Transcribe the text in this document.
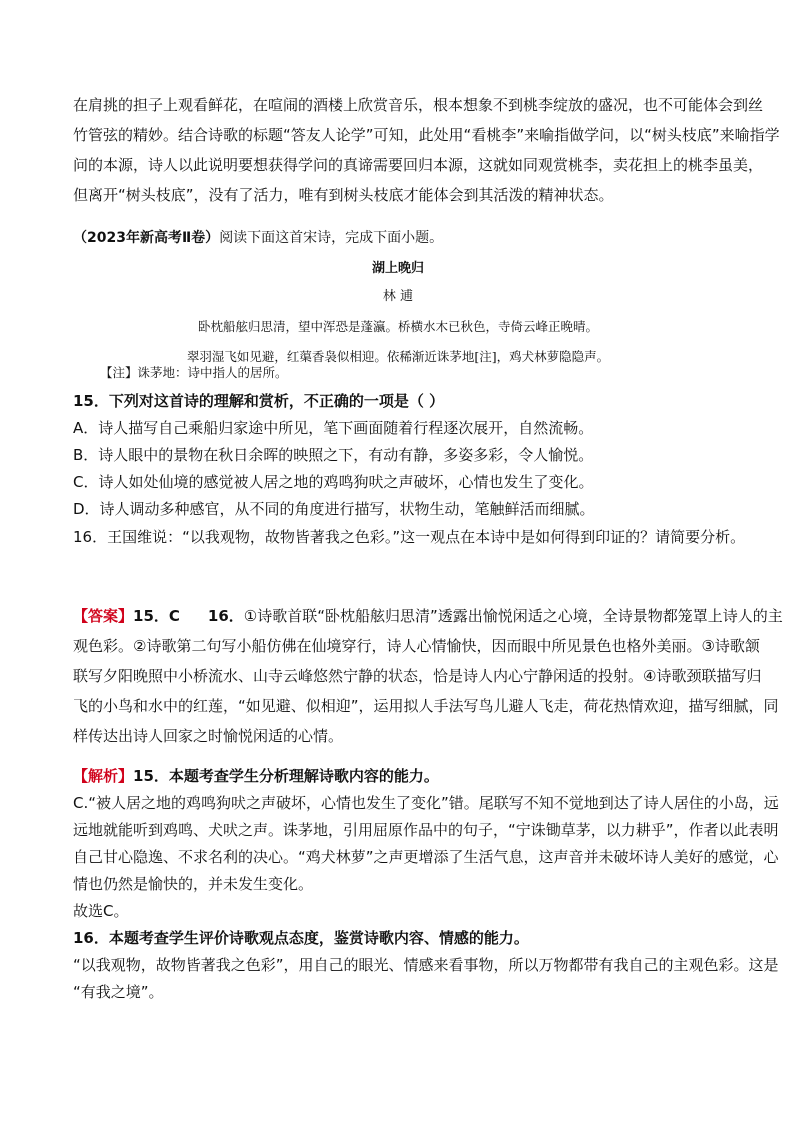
在肩挑的担子上观看鲜花，在喧闹的酒楼上欣赏音乐，根本想象不到桃李绽放的盛况，也不可能体会到丝

竹管弦的精妙。结合诗歌的标题“答友人论学”可知，此处用“看桃李”来喻指做学问，以“树头枝底”来喻指学

问的本源，诗人以此说明要想获得学问的真谛需要回归本源，这就如同观赏桃李，卖花担上的桃李虽美，

但离开“树头枝底”，没有了活力，唯有到树头枝底才能体会到其活泼的精神状态。

（2023年新高考Ⅱ卷）阅读下面这首宋诗，完成下面小题。

湖上晚归
林 逋
卧枕船舷归思清，望中浑恐是蓬瀛。桥横水木已秋色，寺倚云峰正晚晴。
翠羽湿飞如见避，红蕖香袅似相迎。依稀渐近诛茅地[注]，鸡犬林萝隐隐声。
【注】诛茅地：诗中指人的居所。

15．下列对这首诗的理解和赏析，不正确的一项是（ ）

A．诗人描写自己乘船归家途中所见，笔下画面随着行程逐次展开，自然流畅。

B．诗人眼中的景物在秋日余晖的映照之下，有动有静，多姿多彩，令人愉悦。

C．诗人如处仙境的感觉被人居之地的鸡鸣狗吠之声破坏，心情也发生了变化。

D．诗人调动多种感官，从不同的角度进行描写，状物生动，笔触鲜活而细腻。

16．王国维说：“以我观物，故物皆著我之色彩。”这一观点在本诗中是如何得到印证的？请简要分析。

【答案】15．C 16．①诗歌首联“卧枕船舷归思清”透露出愉悦闲适之心境，全诗景物都笼罩上诗人的主

观色彩。②诗歌第二句写小船仿佛在仙境穿行，诗人心情愉快，因而眼中所见景色也格外美丽。③诗歌颔

联写夕阳晚照中小桥流水、山寺云峰悠然宁静的状态，恰是诗人内心宁静闲适的投射。④诗歌颈联描写归

飞的小鸟和水中的红莲，“如见避、似相迎”，运用拟人手法写鸟儿避人飞走，荷花热情欢迎，描写细腻，同

样传达出诗人回家之时愉悦闲适的心情。

【解析】15．本题考查学生分析理解诗歌内容的能力。

C.“被人居之地的鸡鸣狗吠之声破坏，心情也发生了变化”错。尾联写不知不觉地到达了诗人居住的小岛，远

远地就能听到鸡鸣、犬吠之声。诛茅地，引用屈原作品中的句子，“宁诛锄草茅，以力耕乎”，作者以此表明

自己甘心隐逸、不求名利的决心。“鸡犬林萝”之声更增添了生活气息，这声音并未破坏诗人美好的感觉，心

情也仍然是愉快的，并未发生变化。

故选C。

16．本题考查学生评价诗歌观点态度，鉴赏诗歌内容、情感的能力。

“以我观物，故物皆著我之色彩”，用自己的眼光、情感来看事物，所以万物都带有我自己的主观色彩。这是

“有我之境”。
